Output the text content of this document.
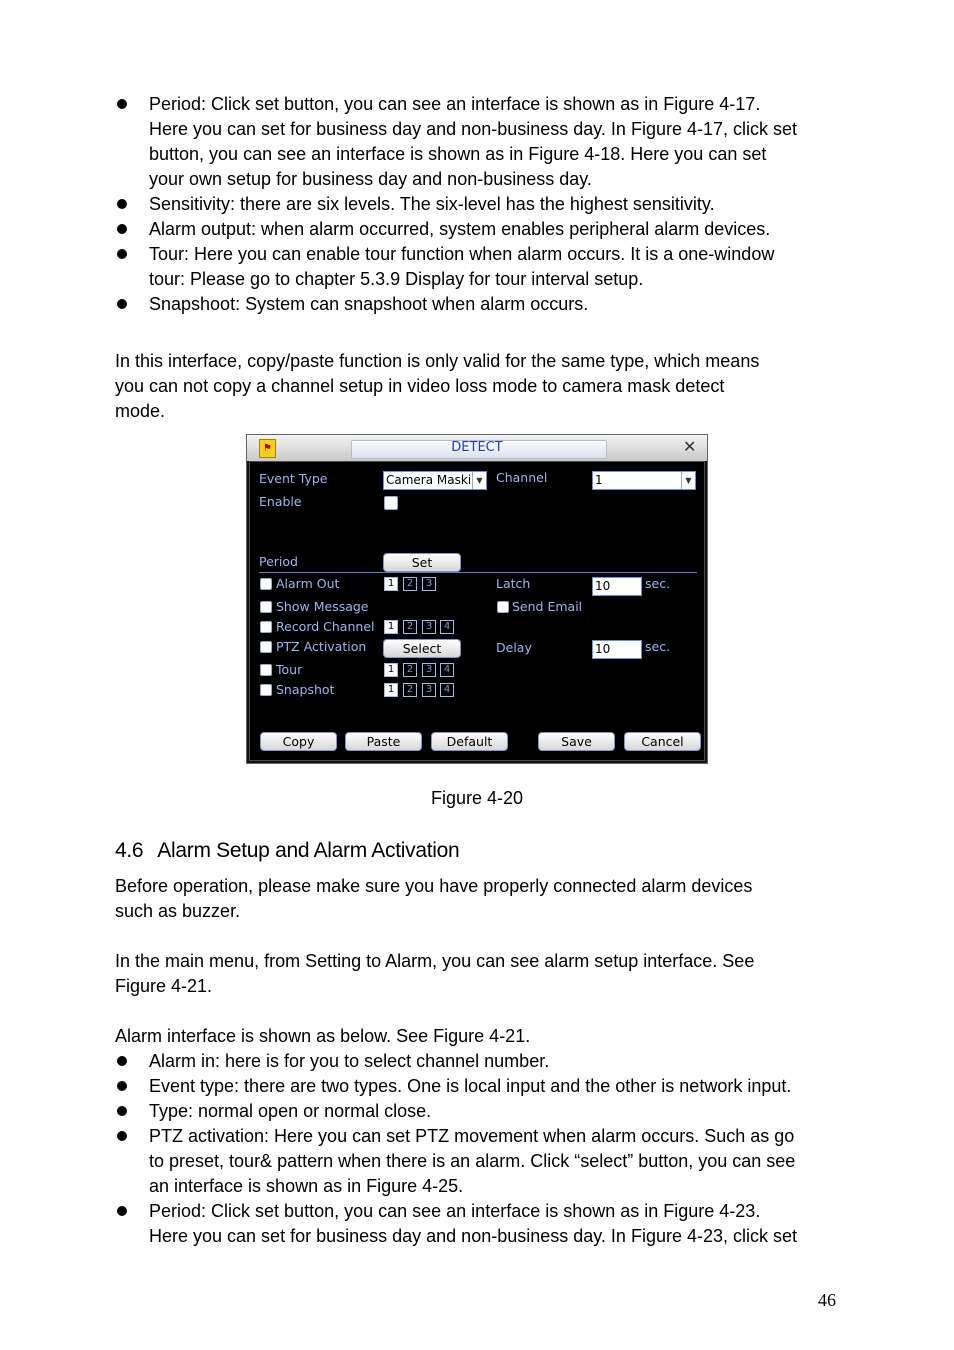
Period: Click set button, you can see an interface is shown as in Figure 4-17.
Here you can set for business day and non-business day. In Figure 4-17, click set
button, you can see an interface is shown as in Figure 4-18. Here you can set
your own setup for business day and non-business day.
Sensitivity: there are six levels. The six-level has the highest sensitivity.
Alarm output: when alarm occurred, system enables peripheral alarm devices.
Tour: Here you can enable tour function when alarm occurs. It is a one-window
tour: Please go to chapter 5.3.9 Display for tour interval setup.
Snapshoot: System can snapshoot when alarm occurs.
In this interface, copy/paste function is only valid for the same type, which means
you can not copy a channel setup in video loss mode to camera mask detect
mode.
⚑	DETECT	✕
Event Type	Camera Maski ▼ Channel	1	▼
Enable
Period	Set
Alarm Out	1	2	3	Latch	10	sec.
Show Message	Send Email
Record Channel	1	2	3	4
PTZ Activation	Select	Delay	10	sec.
Tour	1	2	3	4
Snapshot	1	2	3	4
Copy	Paste	Default	Save	Cancel
Figure 4-20
4.6 Alarm Setup and Alarm Activation
Before operation, please make sure you have properly connected alarm devices
such as buzzer.
In the main menu, from Setting to Alarm, you can see alarm setup interface. See
Figure 4-21.
Alarm interface is shown as below. See Figure 4-21.
Alarm in: here is for you to select channel number.
Event type: there are two types. One is local input and the other is network input.
Type: normal open or normal close.
PTZ activation: Here you can set PTZ movement when alarm occurs. Such as go
to preset, tour& pattern when there is an alarm. Click “select” button, you can see
an interface is shown as in Figure 4-25.
Period: Click set button, you can see an interface is shown as in Figure 4-23.
Here you can set for business day and non-business day. In Figure 4-23, click set
46
